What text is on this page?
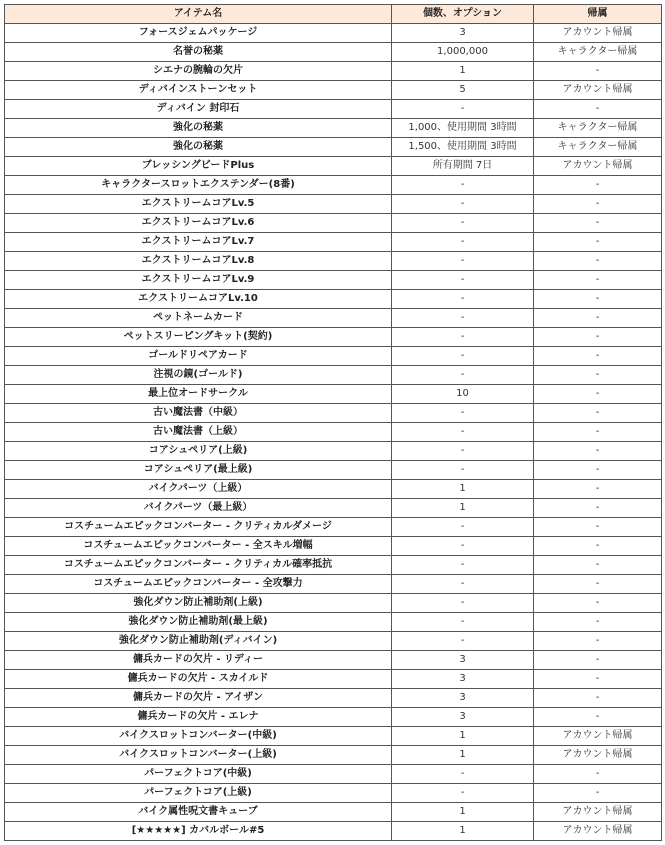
アイテム名	個数、オプション	帰属
フォースジェムパッケージ	3	アカウント帰属
名誉の秘薬	1,000,000	キャラクター帰属
シエナの腕輪の欠片	1	-
ディバインストーンセット	5	アカウント帰属
ディバイン 封印石	-	-
強化の秘薬	1,000、使用期間 3時間	キャラクター帰属
強化の秘薬	1,500、使用期間 3時間	キャラクター帰属
ブレッシングビードPlus	所有期間 7日	アカウント帰属
キャラクタースロットエクステンダー(8番)	-	-
エクストリームコアLv.5	-	-
エクストリームコアLv.6	-	-
エクストリームコアLv.7	-	-
エクストリームコアLv.8	-	-
エクストリームコアLv.9	-	-
エクストリームコアLv.10	-	-
ペットネームカード	-	-
ペットスリーピングキット(契約)	-	-
ゴールドリペアカード	-	-
注視の鏡(ゴールド)	-	-
最上位オードサークル	10	-
古い魔法書（中級）	-	-
古い魔法書（上級）	-	-
コアシュペリア(上級)	-	-
コアシュペリア(最上級)	-	-
バイクパーツ（上級）	1	-
バイクパーツ（最上級）	1	-
コスチュームエピックコンバーター - クリティカルダメージ	-	-
コスチュームエピックコンバーター - 全スキル増幅	-	-
コスチュームエピックコンバーター - クリティカル確率抵抗	-	-
コスチュームエピックコンバーター - 全攻撃力	-	-
強化ダウン防止補助剤(上級)	-	-
強化ダウン防止補助剤(最上級)	-	-
強化ダウン防止補助剤(ディバイン)	-	-
傭兵カードの欠片 - リディー	3	-
傭兵カードの欠片 - スカイルド	3	-
傭兵カードの欠片 - アイザン	3	-
傭兵カードの欠片 - エレナ	3	-
バイクスロットコンバーター(中級)	1	アカウント帰属
バイクスロットコンバーター(上級)	1	アカウント帰属
パーフェクトコア(中級)	-	-
パーフェクトコア(上級)	-	-
バイク属性呪文書キューブ	1	アカウント帰属
[★★★★★] カバルボール#5	1	アカウント帰属
